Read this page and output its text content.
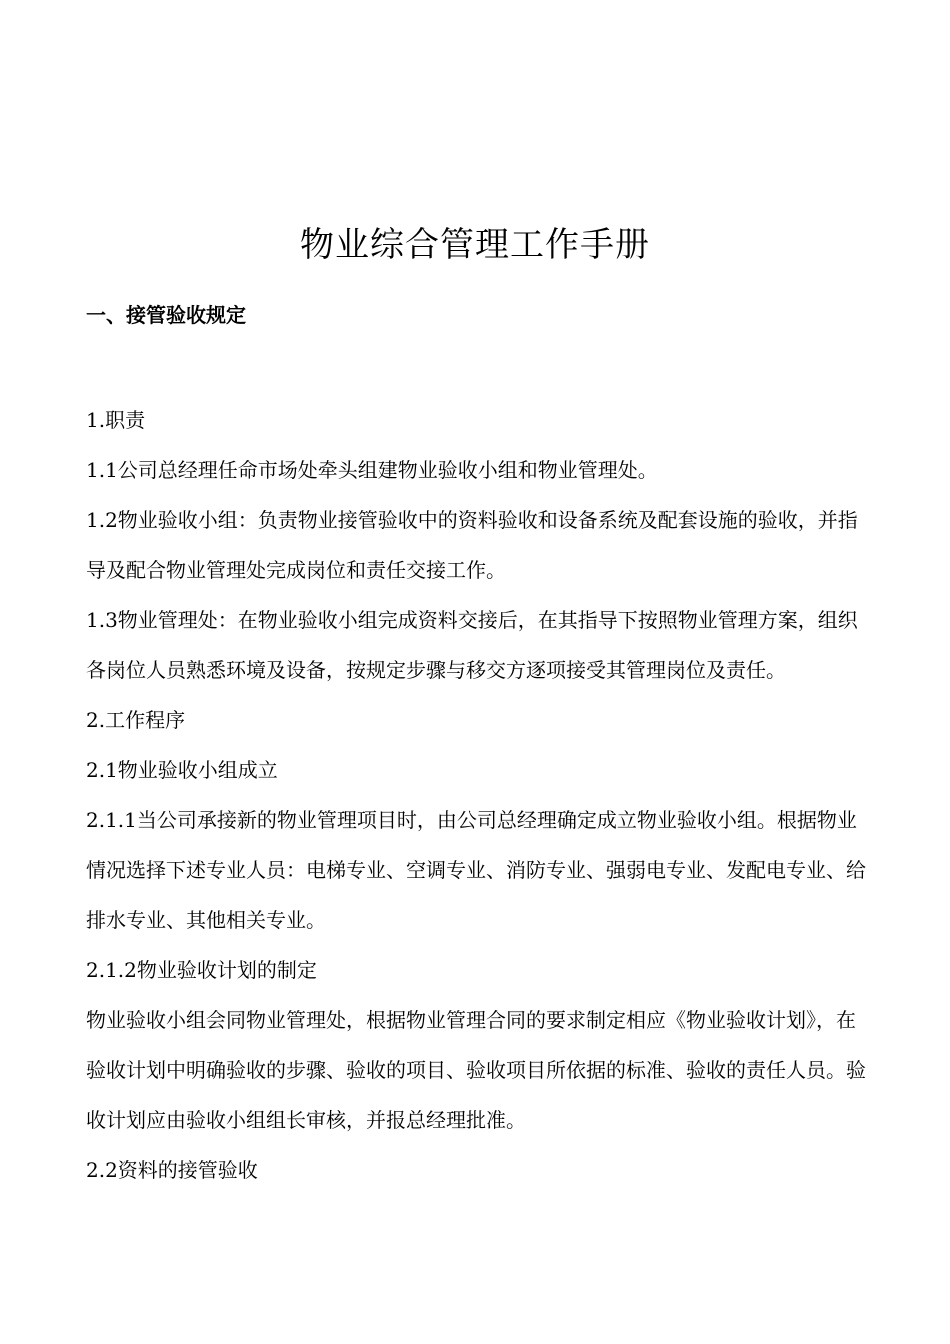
物业综合管理工作手册
一、接管验收规定

1.职责

1.1公司总经理任命市场处牵头组建物业验收小组和物业管理处。

1.2物业验收小组：负责物业接管验收中的资料验收和设备系统及配套设施的验收，并指导及配合物业管理处完成岗位和责任交接工作。

1.3物业管理处：在物业验收小组完成资料交接后，在其指导下按照物业管理方案，组织各岗位人员熟悉环境及设备，按规定步骤与移交方逐项接受其管理岗位及责任。

2.工作程序

2.1物业验收小组成立

2.1.1当公司承接新的物业管理项目时，由公司总经理确定成立物业验收小组。根据物业情况选择下述专业人员：电梯专业、空调专业、消防专业、强弱电专业、发配电专业、给排水专业、其他相关专业。

2.1.2物业验收计划的制定

物业验收小组会同物业管理处，根据物业管理合同的要求制定相应《物业验收计划》，在验收计划中明确验收的步骤、验收的项目、验收项目所依据的标准、验收的责任人员。验收计划应由验收小组组长审核，并报总经理批准。

2.2资料的接管验收
